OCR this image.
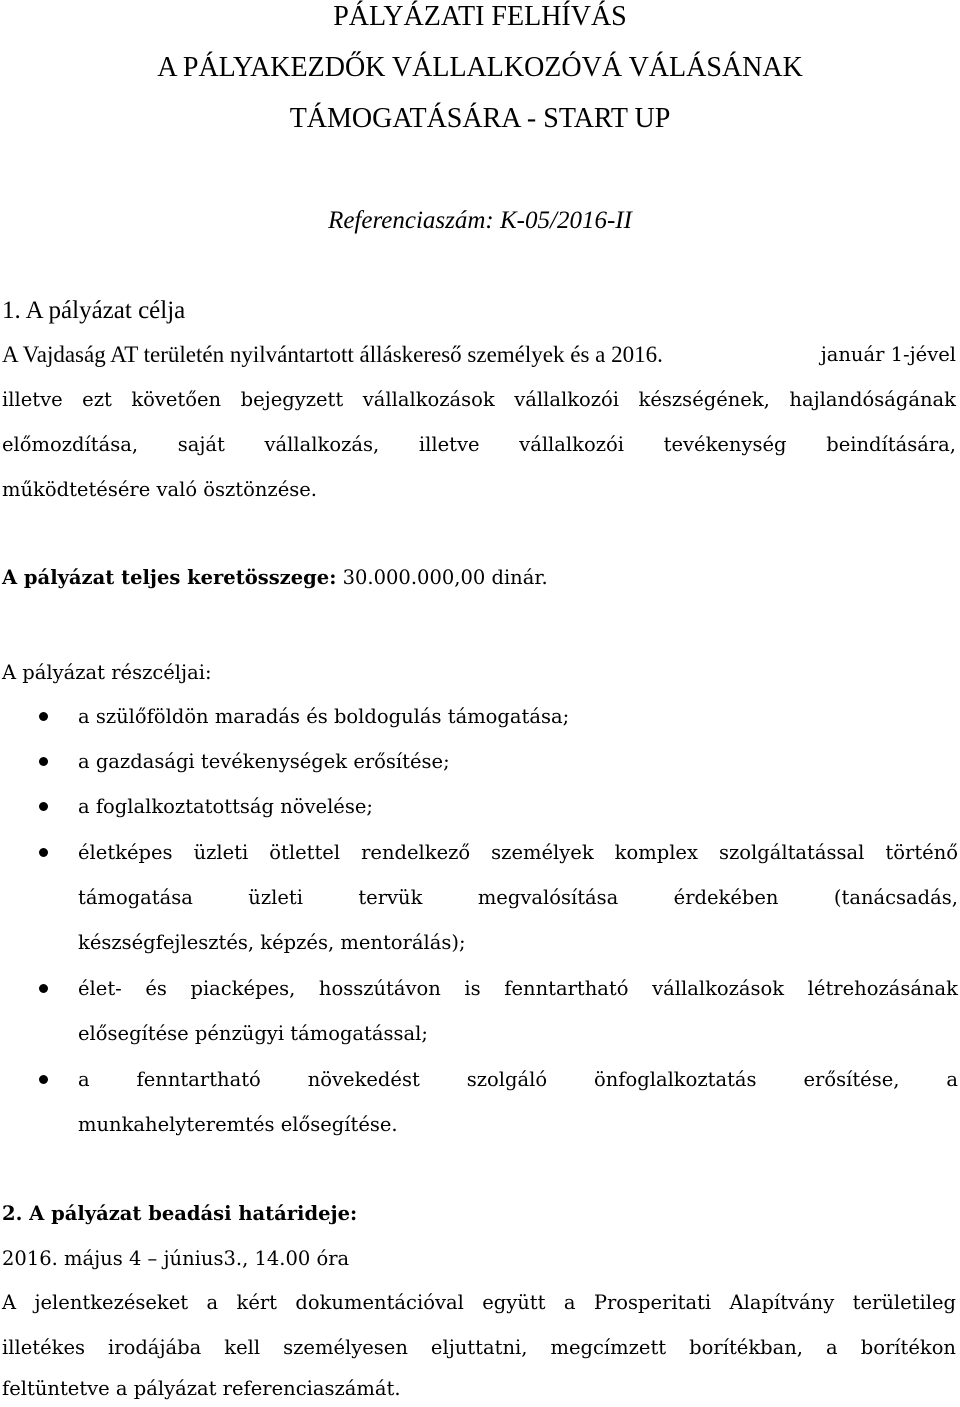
PÁLYÁZATI FELHÍVÁS
A PÁLYAKEZDŐK VÁLLALKOZÓVÁ VÁLÁSÁNAK
TÁMOGATÁSÁRA - START UP
Referenciaszám: K-05/2016-II
1. A pályázat célja
A Vajdaság AT területén nyilvántartott álláskereső személyek és a 2016.	január 1-jével
illetve ezt követően bejegyzett vállalkozások vállalkozói készségének, hajlandóságának
előmozdítása, saját vállalkozás, illetve vállalkozói tevékenység beindítására,
működtetésére való ösztönzése.
A pályázat teljes keretösszege: 30.000.000,00 dinár.
A pályázat részcéljai:
a szülőföldön maradás és boldogulás támogatása;
a gazdasági tevékenységek erősítése;
a foglalkoztatottság növelése;
életképes üzleti ötlettel rendelkező személyek komplex szolgáltatással történő
támogatása üzleti tervük megvalósítása érdekében (tanácsadás,
készségfejlesztés, képzés, mentorálás);
élet- és piacképes, hosszútávon is fenntartható vállalkozások létrehozásának
elősegítése pénzügyi támogatással;
a fenntartható növekedést szolgáló önfoglalkoztatás erősítése, a
munkahelyteremtés elősegítése.
2. A pályázat beadási határideje:
2016. május 4 – június3., 14.00 óra
A jelentkezéseket a kért dokumentációval együtt a Prosperitati Alapítvány területileg
illetékes irodájába kell személyesen eljuttatni, megcímzett borítékban, a borítékon
feltüntetve a pályázat referenciaszámát.
